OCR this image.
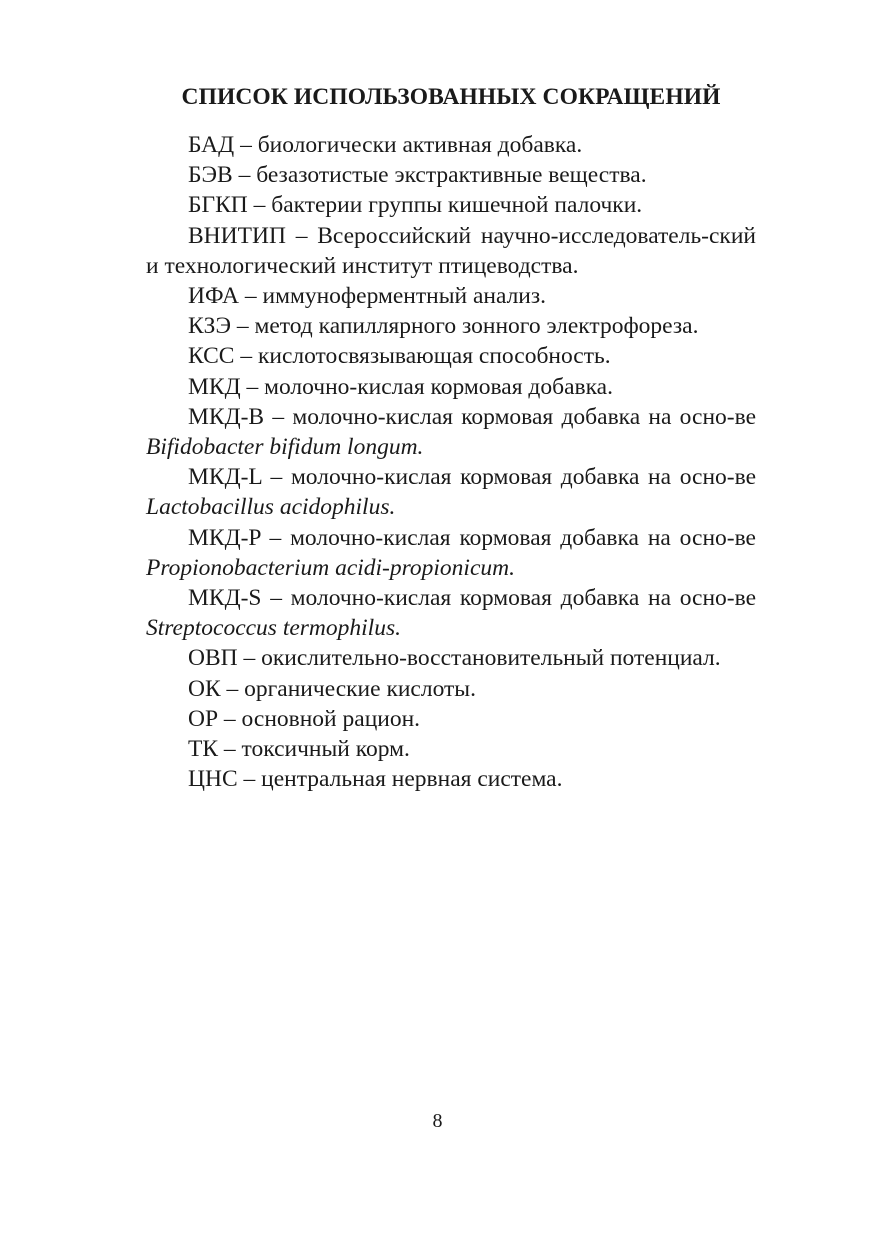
СПИСОК ИСПОЛЬЗОВАННЫХ СОКРАЩЕНИЙ
БАД – биологически активная добавка.
БЭВ – безазотистые экстрактивные вещества.
БГКП – бактерии группы кишечной палочки.
ВНИТИП – Всероссийский научно-исследователь-ский и технологический институт птицеводства.
ИФА – иммуноферментный анализ.
КЗЭ – метод капиллярного зонного электрофореза.
КСС – кислотосвязывающая способность.
МКД – молочно-кислая кормовая добавка.
МКД-B – молочно-кислая кормовая добавка на осно-ве Bifidobacter bifidum longum.
МКД-L – молочно-кислая кормовая добавка на осно-ве Lactobacillus acidophilus.
МКД-P – молочно-кислая кормовая добавка на осно-ве Propionobacterium acidi-propionicum.
МКД-S – молочно-кислая кормовая добавка на осно-ве Streptococcus termophilus.
ОВП – окислительно-восстановительный потенциал.
ОК – органические кислоты.
ОР – основной рацион.
ТК – токсичный корм.
ЦНС – центральная нервная система.
8
